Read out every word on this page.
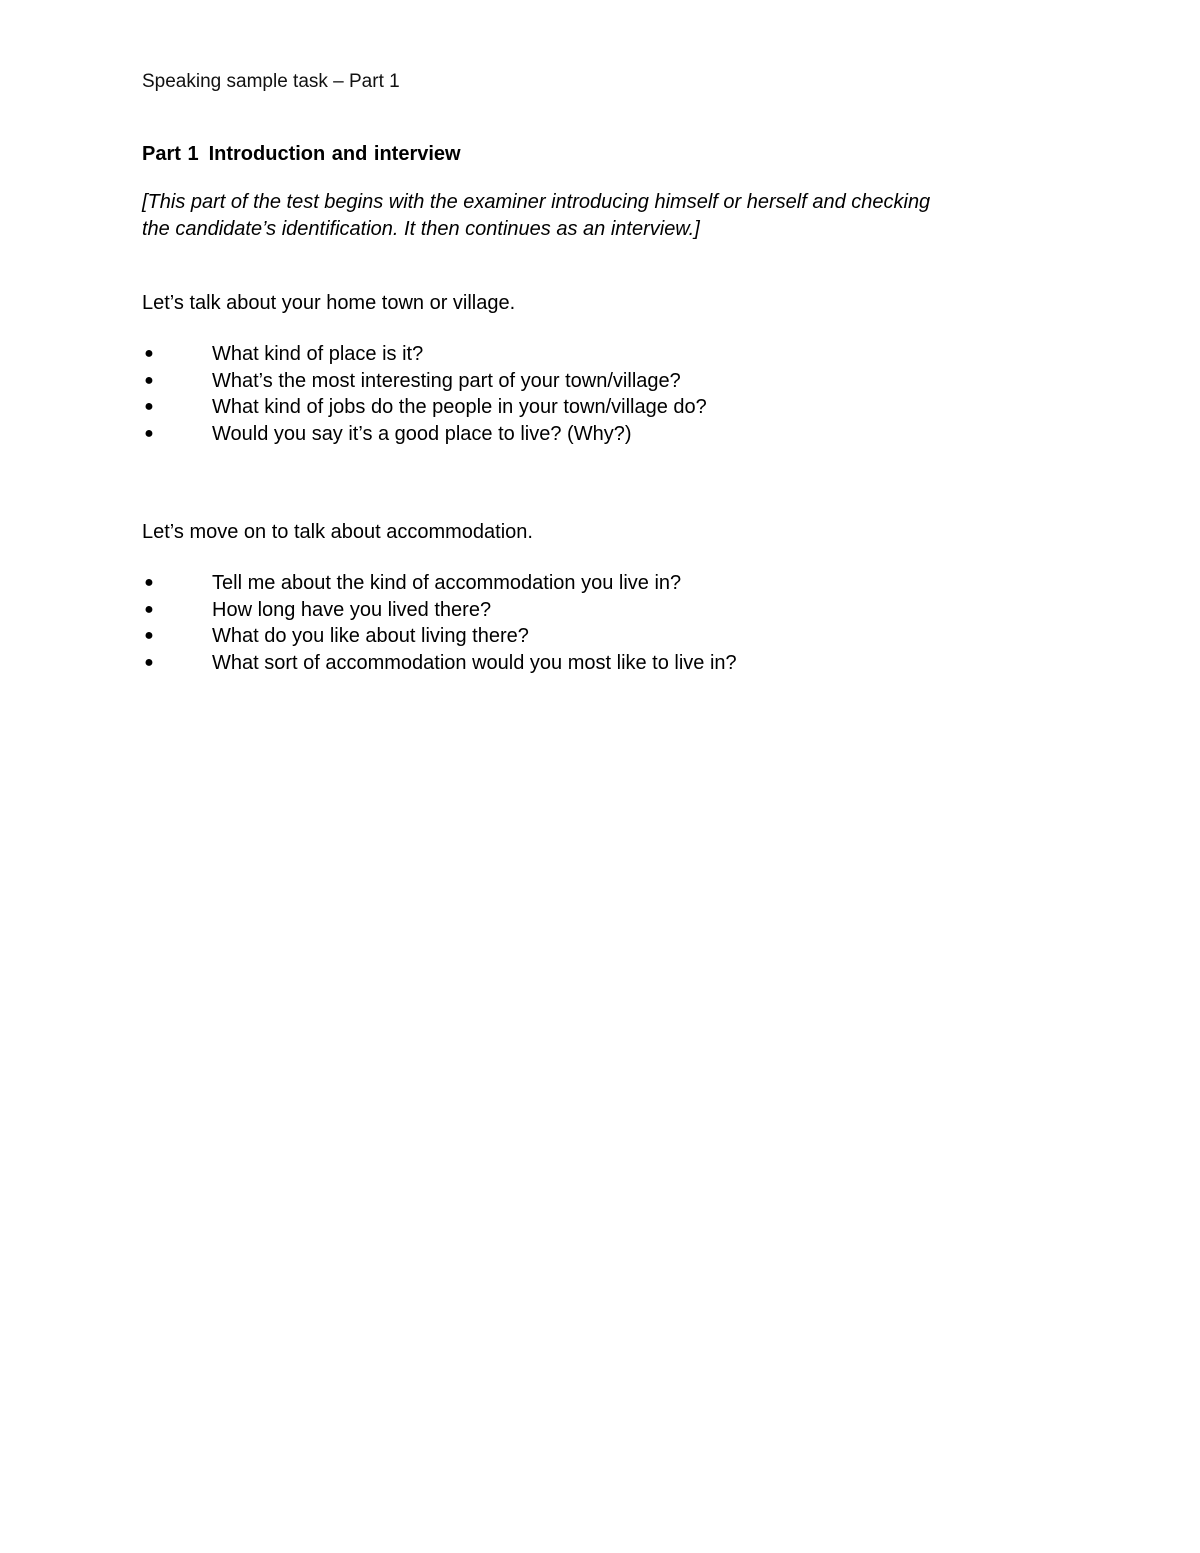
Speaking sample task – Part 1
Part 1 Introduction and interview
[This part of the test begins with the examiner introducing himself or herself and checking the candidate’s identification. It then continues as an interview.]
Let’s talk about your home town or village.
●	What kind of place is it?
●	What’s the most interesting part of your town/village?
●	What kind of jobs do the people in your town/village do?
●	Would you say it’s a good place to live? (Why?)
Let’s move on to talk about accommodation.
●	Tell me about the kind of accommodation you live in?
●	How long have you lived there?
●	What do you like about living there?
●	What sort of accommodation would you most like to live in?
